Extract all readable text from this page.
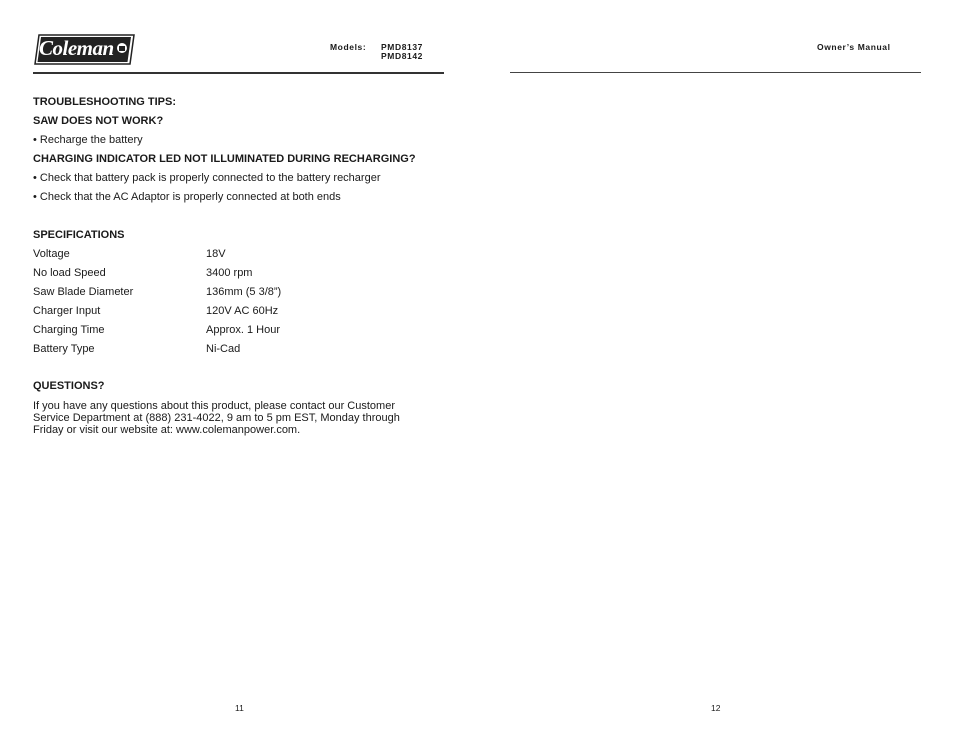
Coleman	Models: PMD8137
PMD8142
Owner’s Manual
TROUBLESHOOTING TIPS:
SAW DOES NOT WORK?
• Recharge the battery
CHARGING INDICATOR LED NOT ILLUMINATED DURING RECHARGING?
• Check that battery pack is properly connected to the battery recharger
• Check that the AC Adaptor is properly connected at both ends
SPECIFICATIONS
Voltage	18V
No load Speed	3400 rpm
Saw Blade Diameter	136mm (5 3/8”)
Charger Input	120V AC 60Hz
Charging Time	Approx. 1 Hour
Battery Type	Ni-Cad
QUESTIONS?
If you have any questions about this product, please contact our Customer Service Department at (888) 231-4022, 9 am to 5 pm EST, Monday through Friday or visit our website at: www.colemanpower.com.
11	12
